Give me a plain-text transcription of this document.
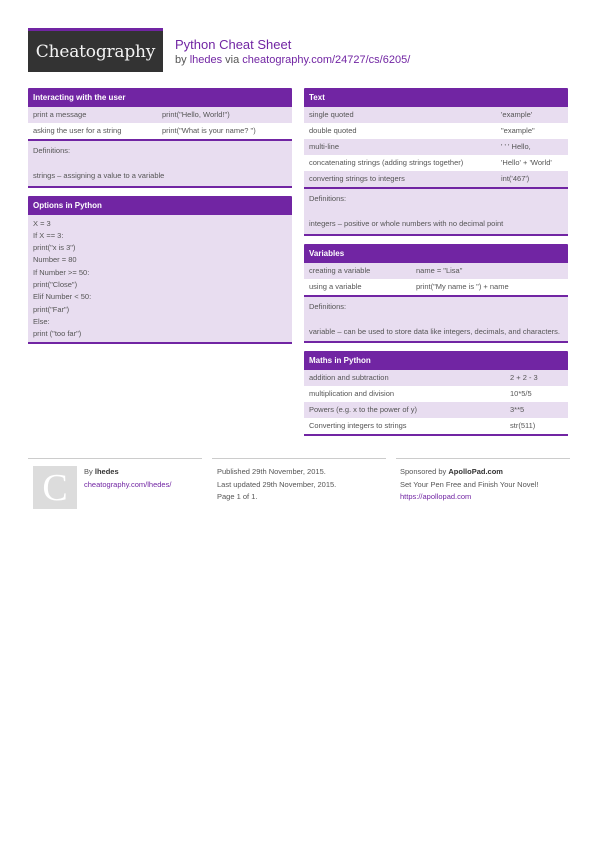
Cheatography Python Cheat Sheet
by lhedes via cheatography.com/24727/cs/6205/
Interacting with the user
print a message	print("Hello, World!")
asking the user for a string	print("What is your name? ")
Definitions:
strings – assigning a value to a variable
Options in Python
X = 3
If X == 3:
print("x is 3")
Number = 80
If Number >= 50:
print("Close")
Elif Number < 50:
print("Far")
Else:
print ("too far")
Text
single quoted	'example'
double quoted	"example"
multi-line	' ' ' Hello,
concatenating strings (adding strings together)	'Hello' + 'World'
converting strings to integers	int('467')
Definitions:
integers – positive or whole numbers with no decimal point
Variables
creating a variable	name = "Lisa"
using a variable	print("My name is ") + name
Definitions:
variable – can be used to store data like integers, decimals, and characters.
Maths in Python
addition and subtraction	2 + 2 - 3
multiplication and division	10*5/5
Powers (e.g. x to the power of y)	3**5
Converting integers to strings	str(511)
C By lhedes
cheatography.com/lhedes/
Published 29th November, 2015.
Last updated 29th November, 2015.
Page 1 of 1.
Sponsored by ApolloPad.com
Set Your Pen Free and Finish Your Novel!
https://apollopad.com
